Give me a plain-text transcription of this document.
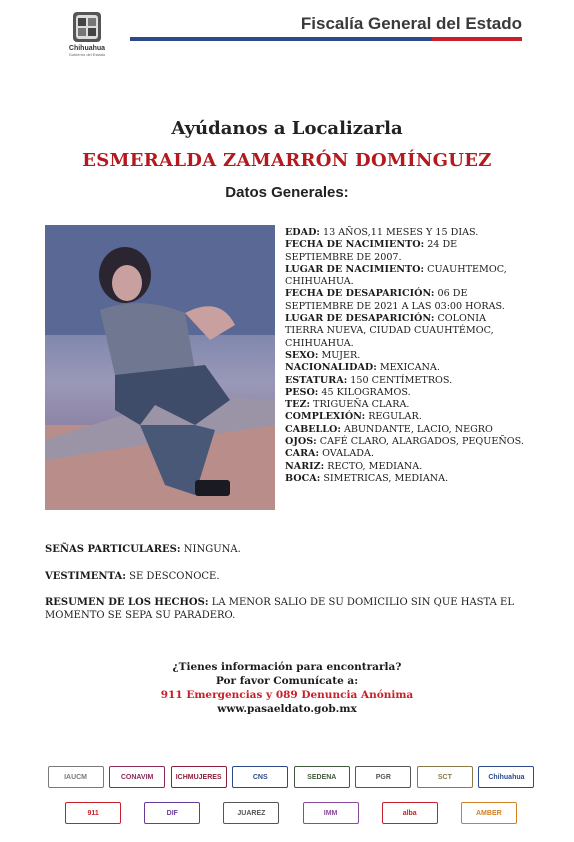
Chihuahua
Gobierno del Estado
Fiscalía General del Estado
Ayúdanos a Localizarla
ESMERALDA ZAMARRÓN DOMÍNGUEZ
Datos Generales:
EDAD: 13 AÑOS,11 MESES Y 15 DIAS.
FECHA DE NACIMIENTO: 24 DE SEPTIEMBRE DE 2007.
LUGAR DE NACIMIENTO: CUAUHTEMOC, CHIHUAHUA.
FECHA DE DESAPARICIÓN: 06 DE SEPTIEMBRE DE 2021 A LAS 03:00 HORAS.
LUGAR DE DESAPARICIÓN: COLONIA TIERRA NUEVA, CIUDAD CUAUHTÉMOC, CHIHUAHUA.
SEXO: MUJER.
NACIONALIDAD: MEXICANA.
ESTATURA: 150 CENTÍMETROS.
PESO: 45 KILOGRAMOS.
TEZ: TRIGUEÑA CLARA.
COMPLEXIÓN: REGULAR.
CABELLO: ABUNDANTE, LACIO, NEGRO
OJOS: CAFÉ CLARO, ALARGADOS, PEQUEÑOS.
CARA: OVALADA.
NARIZ: RECTO, MEDIANA.
BOCA: SIMETRICAS, MEDIANA.
SEÑAS PARTICULARES: NINGUNA.
VESTIMENTA: SE DESCONOCE.
RESUMEN DE LOS HECHOS: LA MENOR SALIO DE SU DOMICILIO SIN QUE HASTA EL MOMENTO SE SEPA SU PARADERO.
¿Tienes información para encontrarla?
Por favor Comunícate a:
911 Emergencias y 089 Denuncia Anónima
www.pasaeldato.gob.mx
IAUCM	CONAVIM	ICHMUJERES	CNS	SEDENA	PGR	SCT	Chihuahua
911	DIF	JUAREZ	IMM	alba	AMBER
